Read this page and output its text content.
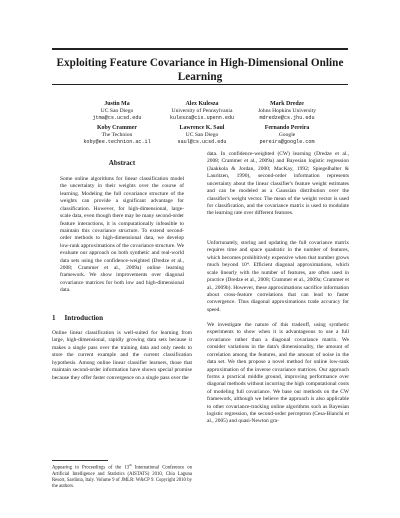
Exploiting Feature Covariance in High-Dimensional Online Learning
Justin Ma
UC San Diego
jtma@cs.ucsd.edu
Alex Kulesza
University of Pennsylvania
kulesza@cis.upenn.edu
Mark Dredze
Johns Hopkins University
mdredze@cs.jhu.edu
Koby Crammer
The Technion
koby@ee.technion.ac.il
Lawrence K. Saul
UC San Diego
saul@cs.ucsd.edu
Fernando Pereira
Google
pereira@google.com
Abstract
Some online algorithms for linear classification model the uncertainty in their weights over the course of learning. Modeling the full covariance structure of the weights can provide a significant advantage for classification. However, for high-dimensional, large-scale data, even though there may be many second-order feature interactions, it is computationally infeasible to maintain this covariance structure. To extend second-order methods to high-dimensional data, we develop low-rank approximations of the covariance structure. We evaluate our approach on both synthetic and real-world data sets using the confidence-weighted (Dredze et al., 2008; Crammer et al., 2009a) online learning framework. We show improvements over diagonal covariance matrices for both low and high-dimensional data.
1 Introduction
Online linear classification is well-suited for learning from large, high-dimensional, rapidly growing data sets because it makes a single pass over the training data and only needs to store the current example and the current classification hypothesis. Among online linear classifier learners, those that maintain second-order information have shown special promise because they offer faster convergence on a single pass over the
Appearing in Proceedings of the 13th International Conference on Artificial Intelligence and Statistics (AISTATS) 2010, Chia Laguna Resort, Sardinia, Italy. Volume 9 of JMLR: W&CP 9. Copyright 2010 by the authors.
data. In confidence-weighted (CW) learning (Dredze et al., 2008; Crammer et al., 2009a) and Bayesian logistic regression (Jaakkola & Jordan, 2000; MacKay, 1992; Spiegelhalter & Lauritzen, 1990), second-order information represents uncertainty about the linear classifier's feature weight estimates and can be modeled as a Gaussian distribution over the classifier's weight vector. The mean of the weight vector is used for classification, and the covariance matrix is used to modulate the learning rate over different features.
Unfortunately, storing and updating the full covariance matrix requires time and space quadratic in the number of features, which becomes prohibitively expensive when that number grows much beyond 10⁴. Efficient diagonal approximations, which scale linearly with the number of features, are often used in practice (Dredze et al., 2008; Crammer et al., 2009a; Crammer et al., 2009b). However, these approximations sacrifice information about cross-feature correlations that can lead to faster convergence. Thus diagonal approximations trade accuracy for speed.
We investigate the nature of this tradeoff, using synthetic experiments to show when it is advantageous to use a full covariance rather than a diagonal covariance matrix. We consider variations in the data's dimensionality, the amount of correlation among the features, and the amount of noise in the data set. We then propose a novel method for online low-rank approximation of the inverse covariance matrices. Our approach forms a practical middle ground, improving performance over diagonal methods without incurring the high computational costs of modeling full covariance. We base our methods on the CW framework, although we believe the approach is also applicable to other covariance-tracking online algorithms such as Bayesian logistic regression, the second-order perceptron (Cesa-Bianchi et al., 2005) and quasi-Newton gra-
